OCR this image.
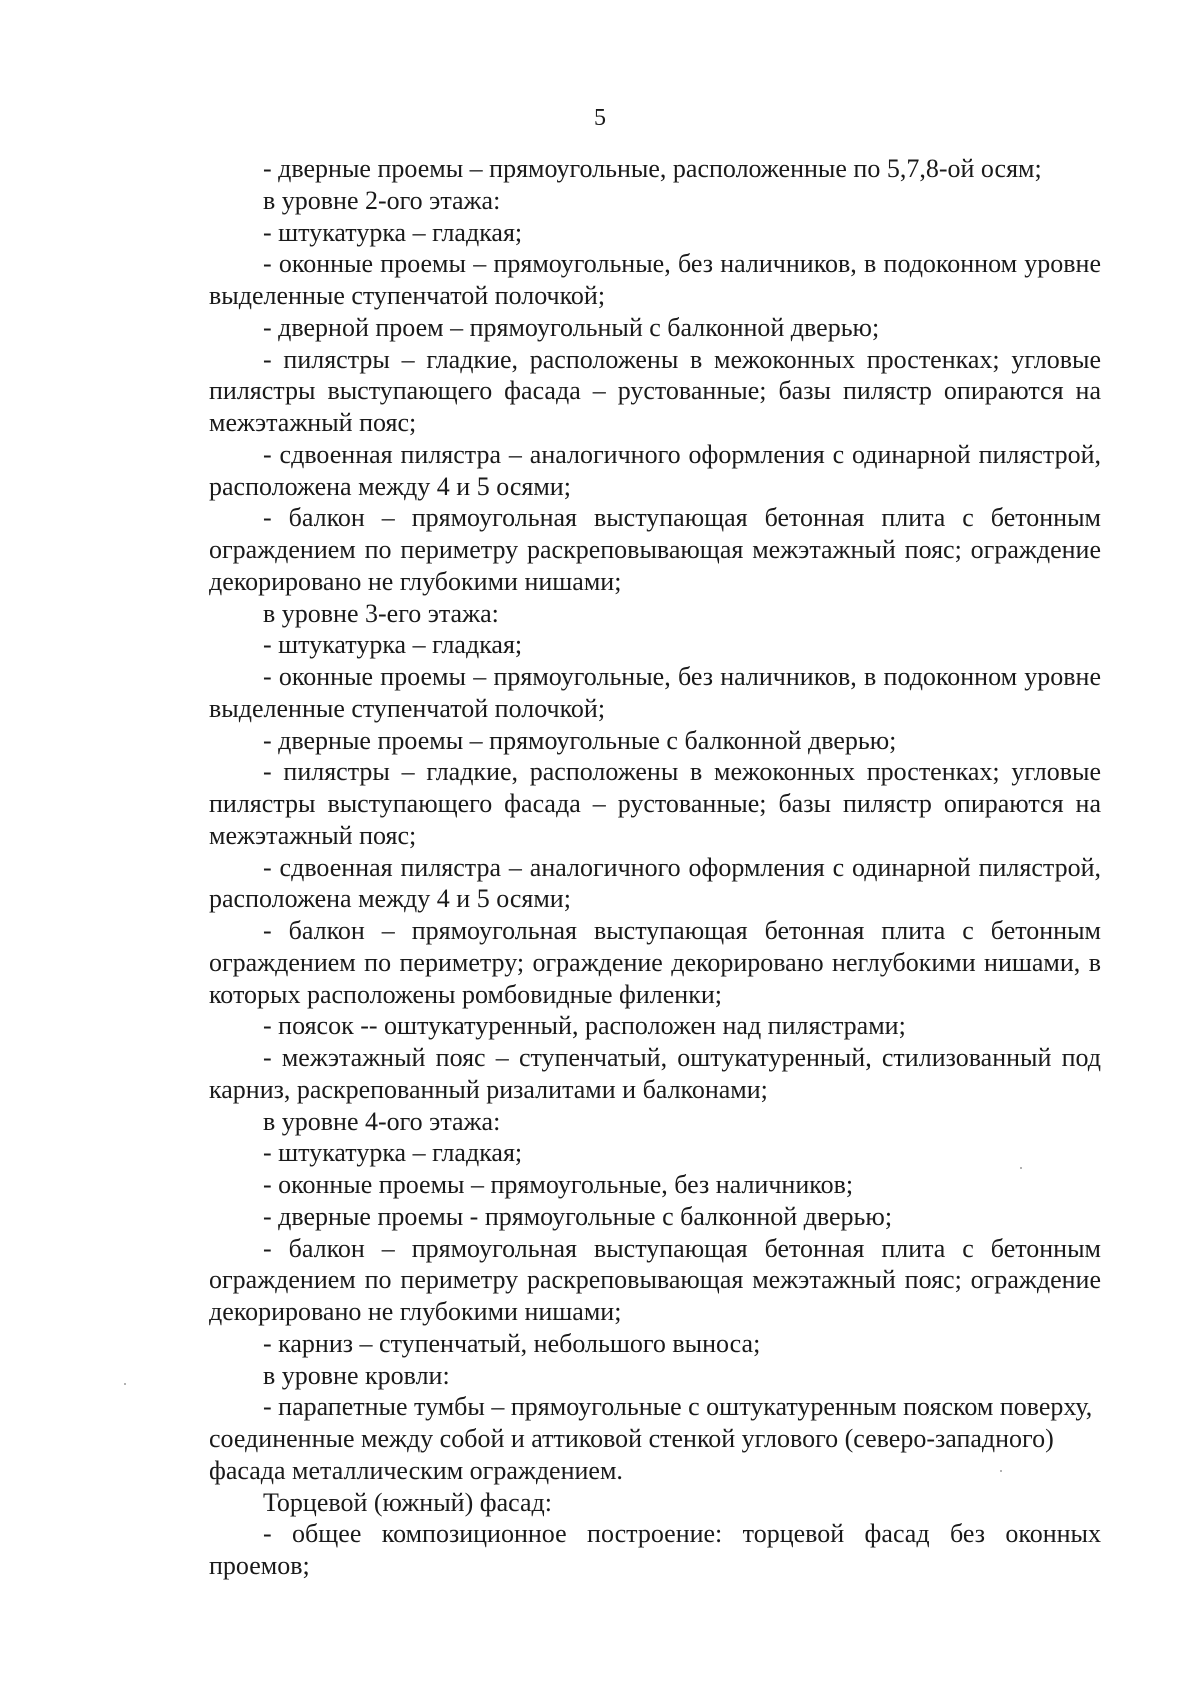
5

- дверные проемы – прямоугольные, расположенные по 5,7,8-ой осям;

в уровне 2-ого этажа:

- штукатурка – гладкая;

- оконные проемы – прямоугольные, без наличников, в подоконном уровне выделенные ступенчатой полочкой;

- дверной проем – прямоугольный с балконной дверью;

- пилястры – гладкие, расположены в межоконных простенках; угловые пилястры выступающего фасада – рустованные; базы пилястр опираются на межэтажный пояс;

- сдвоенная пилястра – аналогичного оформления с одинарной пилястрой, расположена между 4 и 5 осями;

- балкон – прямоугольная выступающая бетонная плита с бетонным ограждением по периметру раскреповывающая межэтажный пояс; ограждение декорировано не глубокими нишами;

в уровне 3-его этажа:

- штукатурка – гладкая;

- оконные проемы – прямоугольные, без наличников, в подоконном уровне выделенные ступенчатой полочкой;

- дверные проемы – прямоугольные с балконной дверью;

- пилястры – гладкие, расположены в межоконных простенках; угловые пилястры выступающего фасада – рустованные; базы пилястр опираются на межэтажный пояс;

- сдвоенная пилястра – аналогичного оформления с одинарной пилястрой, расположена между 4 и 5 осями;

- балкон – прямоугольная выступающая бетонная плита с бетонным ограждением по периметру; ограждение декорировано неглубокими нишами, в которых расположены ромбовидные филенки;

- поясок -- оштукатуренный, расположен над пилястрами;

- межэтажный пояс – ступенчатый, оштукатуренный, стилизованный под карниз, раскрепованный ризалитами и балконами;

в уровне 4-ого этажа:

- штукатурка – гладкая;

- оконные проемы – прямоугольные, без наличников;

- дверные проемы - прямоугольные с балконной дверью;

- балкон – прямоугольная выступающая бетонная плита с бетонным ограждением по периметру раскреповывающая межэтажный пояс; ограждение декорировано не глубокими нишами;

- карниз – ступенчатый, небольшого выноса;

в уровне кровли:

- парапетные тумбы – прямоугольные с оштукатуренным пояском поверху, соединенные между собой и аттиковой стенкой углового (северо-западного) фасада металлическим ограждением.

Торцевой (южный) фасад:

- общее композиционное построение: торцевой фасад без оконных проемов;
